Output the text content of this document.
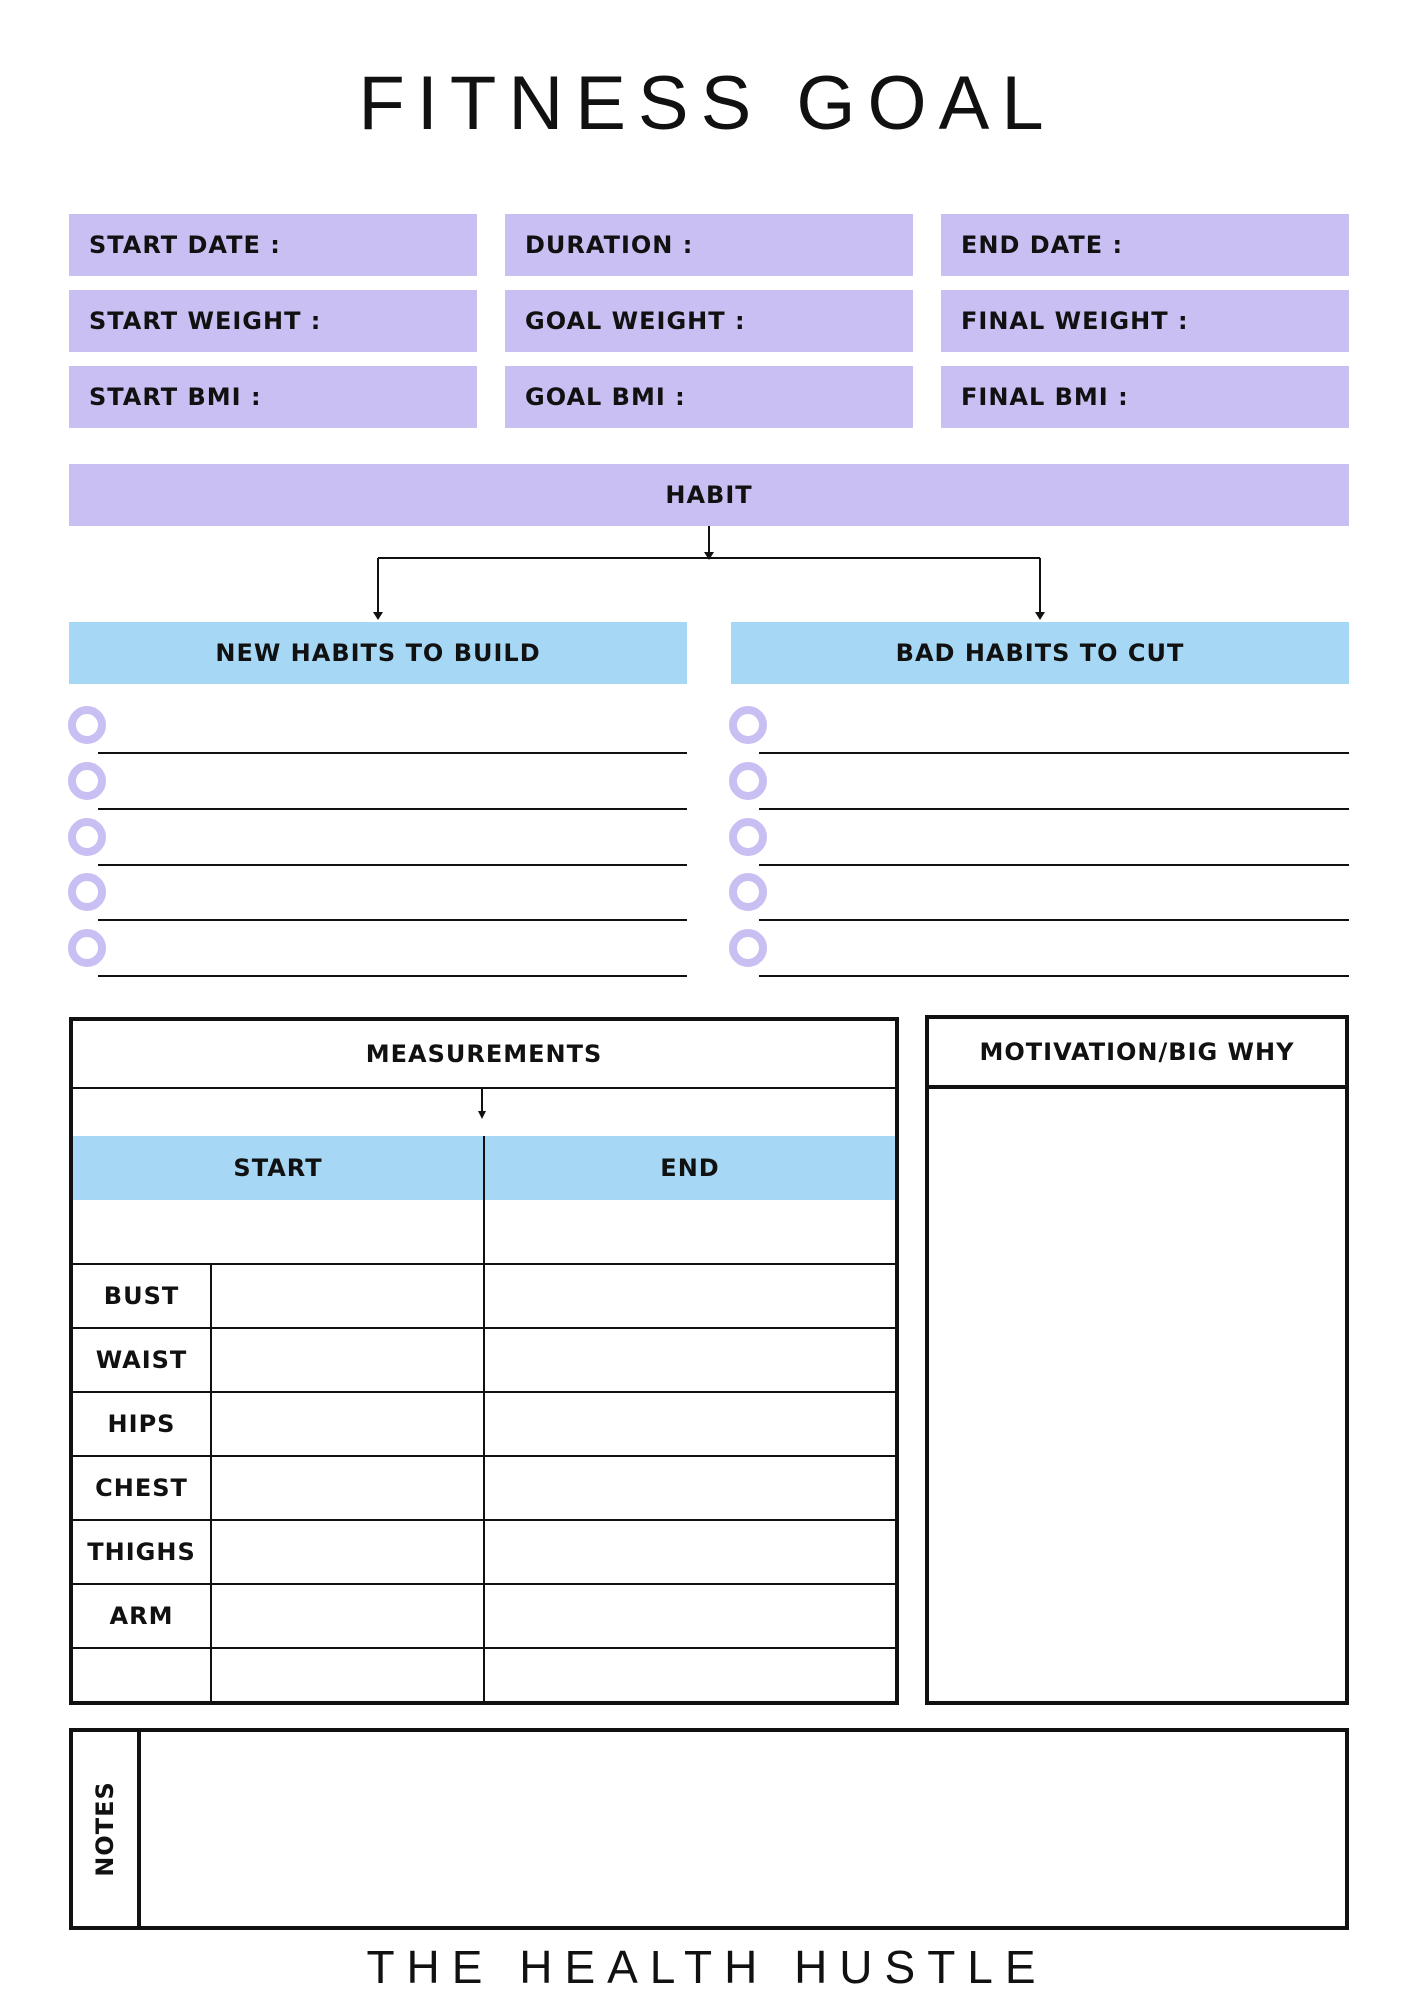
FITNESS GOAL
START DATE :	DURATION :	END DATE :
START WEIGHT :	GOAL WEIGHT :	FINAL WEIGHT :
START BMI :	GOAL BMI :	FINAL BMI :
HABIT
NEW HABITS TO BUILD	BAD HABITS TO CUT
MEASUREMENTS
START	END
BUST
WAIST
HIPS
CHEST
THIGHS
ARM
MOTIVATION/BIG WHY
NOTES
THE HEALTH HUSTLE
